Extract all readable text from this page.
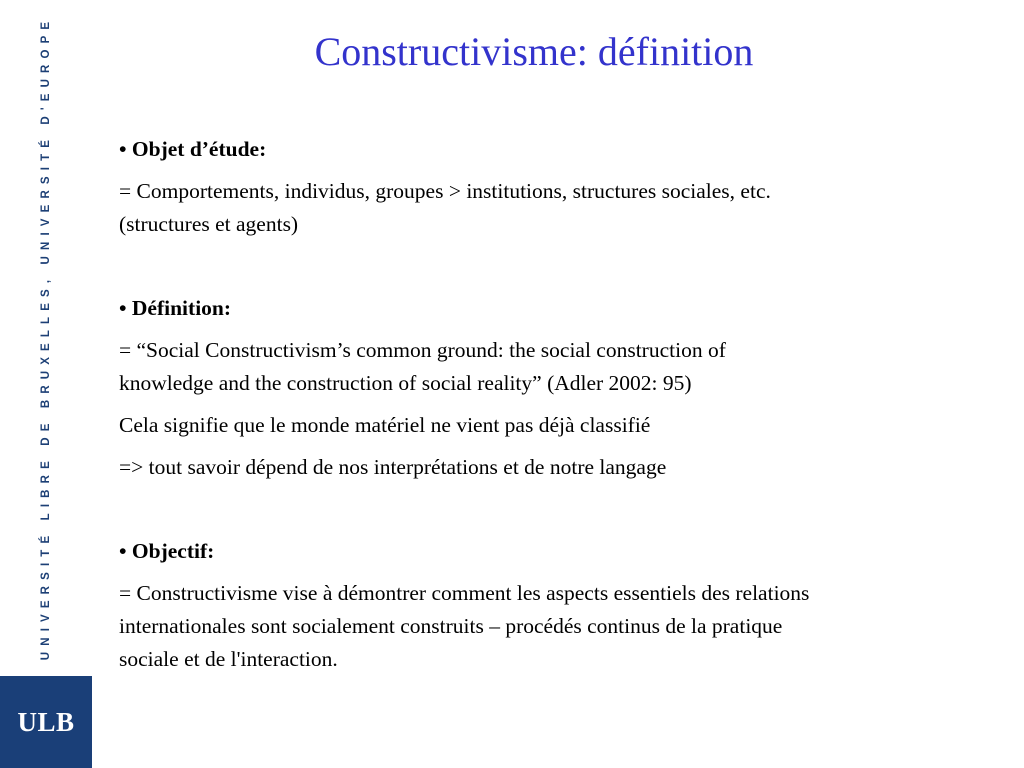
UNIVERSITÉ LIBRE DE BRUXELLES, UNIVERSITÉ D'EUROPE
ULB
Constructivisme: définition

• Objet d’étude:

= Comportements, individus, groupes > institutions, structures sociales, etc.

(structures et agents)

• Définition:

= “Social Constructivism’s common ground: the social construction of

knowledge and the construction of social reality” (Adler 2002: 95)

Cela signifie que le monde matériel ne vient pas déjà classifié

=> tout savoir dépend de nos interprétations et de notre langage

• Objectif:

= Constructivisme vise à démontrer comment les aspects essentiels des relations

internationales sont socialement construits – procédés continus de la pratique

sociale et de l'interaction.
